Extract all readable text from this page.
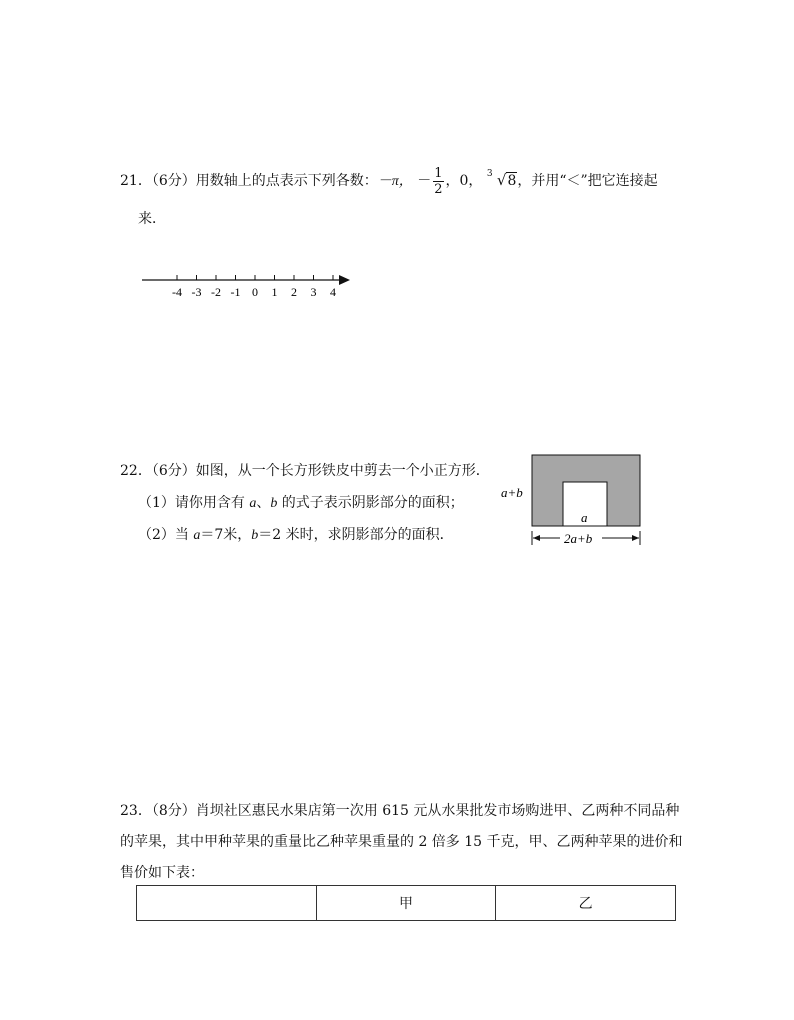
21．（6分）用数轴上的点表示下列各数：－π， － $\frac{1}{2}$ ，0， 3 √8，并用“＜”把它连接起
来．
-4 -3 -2 -1 0 1 2 3 4
22．（6分）如图，从一个长方形铁皮中剪去一个小正方形．
（1）请你用含有 a、b 的式子表示阴影部分的面积；
（2）当 a＝7米，b＝2 米时，求阴影部分的面积．
a+b
a
2a+b
23．（8分）肖坝社区惠民水果店第一次用 615 元从水果批发市场购进甲、乙两种不同品种
的苹果，其中甲种苹果的重量比乙种苹果重量的 2 倍多 15 千克，甲、乙两种苹果的进价和
售价如下表：
	甲	乙
